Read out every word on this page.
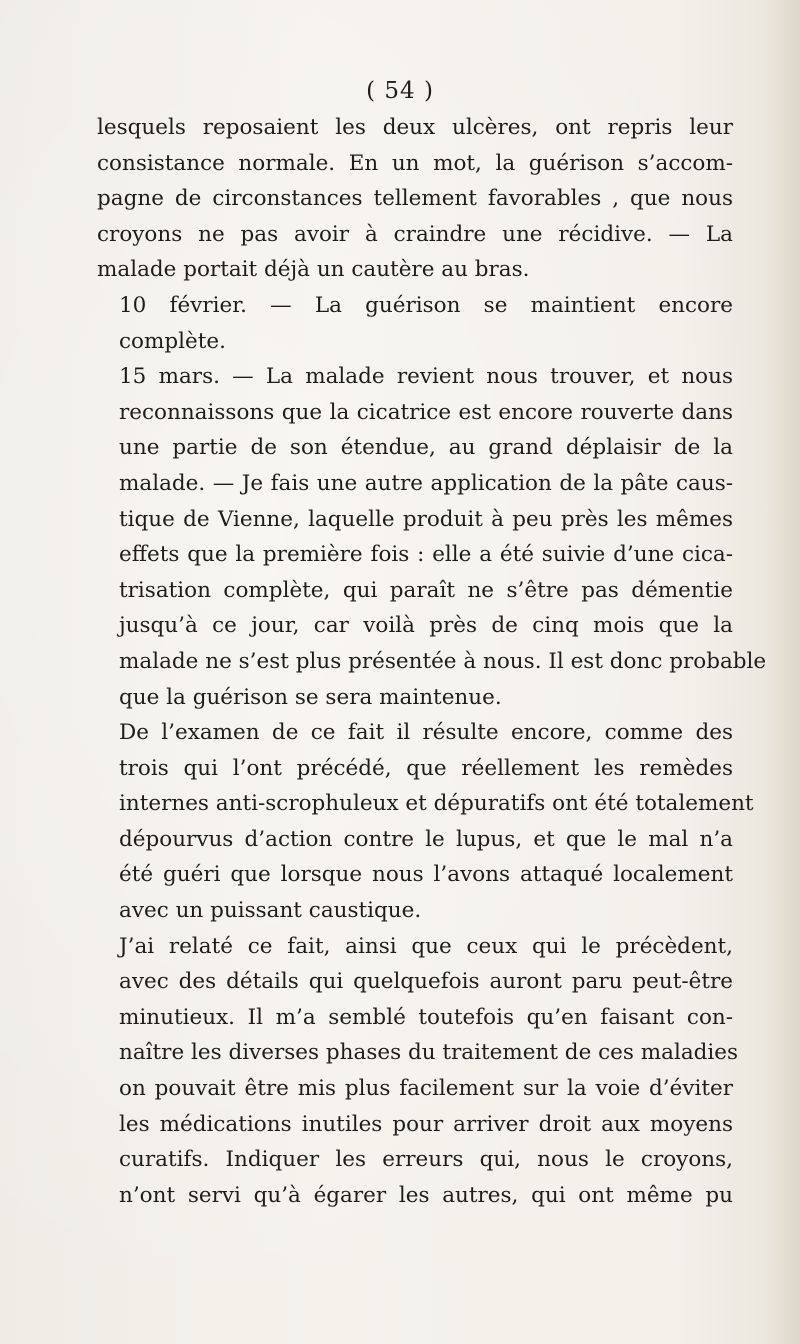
( 54 )
lesquels reposaient les deux ulcères, ont repris leur
consistance normale. En un mot, la guérison s’accom-
pagne de circonstances tellement favorables , que nous
croyons ne pas avoir à craindre une récidive. — La
malade portait déjà un cautère au bras.
10 février. — La guérison se maintient encore
complète.
15 mars. — La malade revient nous trouver, et nous
reconnaissons que la cicatrice est encore rouverte dans
une partie de son étendue, au grand déplaisir de la
malade. — Je fais une autre application de la pâte caus-
tique de Vienne, laquelle produit à peu près les mêmes
effets que la première fois : elle a été suivie d’une cica-
trisation complète, qui paraît ne s’être pas démentie
jusqu’à ce jour, car voilà près de cinq mois que la
malade ne s’est plus présentée à nous. Il est donc probable
que la guérison se sera maintenue.
De l’examen de ce fait il résulte encore, comme des
trois qui l’ont précédé, que réellement les remèdes
internes anti-scrophuleux et dépuratifs ont été totalement
dépourvus d’action contre le lupus, et que le mal n’a
été guéri que lorsque nous l’avons attaqué localement
avec un puissant caustique.
J’ai relaté ce fait, ainsi que ceux qui le précèdent,
avec des détails qui quelquefois auront paru peut-être
minutieux. Il m’a semblé toutefois qu’en faisant con-
naître les diverses phases du traitement de ces maladies
on pouvait être mis plus facilement sur la voie d’éviter
les médications inutiles pour arriver droit aux moyens
curatifs. Indiquer les erreurs qui, nous le croyons,
n’ont servi qu’à égarer les autres, qui ont même pu
